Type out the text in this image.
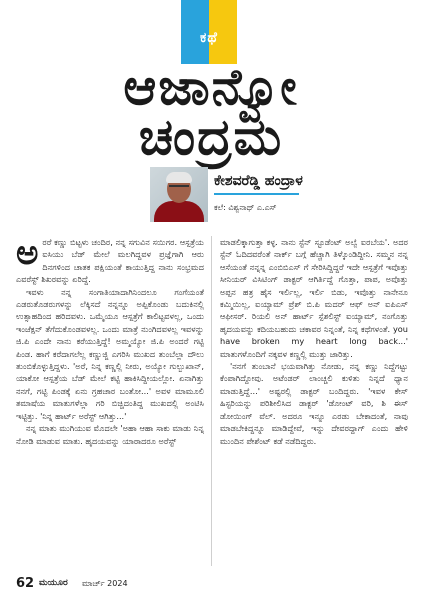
ಕಥೆ
ಆಜಾನ್ವೋ
ಚಂದ್ರಮ
ಕೇಶವರೆಡ್ಡಿ ಹಂದ್ರಾಳ
ಕಲೆ: ವಿಶ್ವನಾಥ್ ಎ.ಎಸ್

ಅರರೆ ಕಣ್ಣು ಬಿಟ್ಟಳು ಚಂದಿರ, ನನ್ನ ಸಗುವಿನ ಸಯಿಗರ. ಆಸ್ಪತ್ರೆಯ ಐಸಿಯು ಬೆಡ್ ಮೇಲೆ ಮಲಗಿದ್ದವಳ ಪ್ರಜ್ಞೆಗಾಗಿ ಆರು ದಿನಗಳಿಂದ ಚಾತಕ ಪಕ್ಷಿಯಂತೆ ಕಾಯುತ್ತಿದ್ದ ನಾನು ಸಂಭ್ರಮದ ಎವರೆಸ್ಟ್ ಶಿಖರವನ್ನು ಏರಿದ್ದೆ.

ಇವಳು ನನ್ನ ಸಂಗಾತಿಯಾದಾಗಿನಿಂದಲೂ ಗಂಗೆಯಂತೆ ಎಡರುತೊಡರುಗಳನ್ನು ಲೆಕ್ಕಿಸದೆ ನನ್ನನ್ನೂ ಅಪ್ಪಿಕೊಂಡು ಬದುಕಿನಲ್ಲಿ ಉತ್ಸಾಹದಿಂದ ಹರಿದವಳು. ಒಮ್ಮೆಯೂ ಆಸ್ಪತ್ರೆಗೆ ಕಾಲಿಟ್ಟವಳಲ್ಲ, ಒಂದು ಇಂಜೆಕ್ಷನ್ ತೆಗೆದುಕೊಂಡವಳಲ್ಲ. ಒಂದು ಮಾತ್ರೆ ನುಂಗಿದವಳಲ್ಲ ಇವಳನ್ನು ಜಿ.ಪಿ ಎಂದೇ ನಾನು ಕರೆಯುತ್ತಿದ್ದೆ! ಅಮ್ಮಯ್ಯೋ ಜಿ.ಪಿ ಅಂದರೆ ಗಟ್ಟಿ ಪಿಂಡ. ಹಾಗೆ ಕರೆದಾಗಲೆಲ್ಲ ಕಣ್ಣುಜ್ಜಿ ಎಗರಿಸಿ ಮುಖದ ತುಂಬೆಲ್ಲಾ ದೌಲು ತುಂಬಿಕೊಳ್ಳುತ್ತಿದ್ದಳು. 'ಅರೆ, ನಿನ್ನ ಕಣ್ಣಲ್ಲಿ ನೀರು, ಅಯ್ಯೋ ಗುಲ್ಬುಖಾನ್, ಯಾಕೋ ಆಸ್ಪತ್ರೆಯ ಬೆಡ್ ಮೇಲೆ ಕಟ್ಟಿ ಹಾಕಿಸಿದ್ದೀಯಲ್ಲೋ. ಏನಾಗಿತ್ತು ನನಗೆ, ಗಟ್ಟಿ ಪಿಂಡಕ್ಕೆ ಏನು ಗ್ರಹಚಾರ ಬಂತೋ...' ಅವಳ ಮಾಮೂಲಿ ತಮಾಷೆಯ ಮಾತುಗಳೆಲ್ಲಾ ಗರಿ ಬಿಚ್ಚಿದಂತಿದ್ದ ಮುಖದಲ್ಲಿ ಅಂಟಿಸಿ ಇಟ್ಟಿತ್ತು. 'ನಿನ್ನ ಹಾರ್ಟ್ ಅರೆಸ್ಟ್ ಆಗಿತ್ತು...'

ನನ್ನ ಮಾತು ಮುಗಿಯುವ ಮೊದಲೇ 'ಅಹಾ ಆಹಾ ಸಾಕು ಮಾಡು ನಿನ್ನ ನೋಡಿ ಮಾಡುವ ಮಾತು. ಹೃದಯವನ್ನು ಯಾರಾದರೂ ಅರೆಸ್ಟ್

ಮಾಡಲಿಕ್ಕಾಗುತ್ತಾ ಕಳ್ಳ. ನಾನು ಸ್ಟೆನ್ ಸ್ಟೂಡೆಂಟ್ ಅಲ್ವೆ ಐರಬೆಯ'. ಅದರ ಸ್ಟೆನ್ ಓದಿದವರೆಂತೆ ನಾರ್ಕ್ ಬಗ್ಗೆ ಹೆಚ್ಚಾಗಿ ತಿಳ್ಕೊಂಡಿದ್ದೀನಿ. ಸಮ್ಮನ ನನ್ನ ಆಸೆಯಂತೆ ನನ್ನನ್ನ ಎಂಬಿಬಿಎಸ್ ಗೆ ಸೇರಿಸಿದ್ದಿದ್ದರೆ ಇದೇ ಆಸ್ಪತ್ರೆಗೆ ಇವೊತ್ತು ಸೀನಿಯರ್ ವಿಸಿಟಿಂಗ್ ಡಾಕ್ಟರ್ ಆಗಿರ್ತಿದ್ದೆ ಗೊತ್ತಾ, ಪಾಪ, ಅವೊತ್ತು ಅಪ್ಪನ ಹತ್ರ ಹೈಸ ಇರ್ಲಿಲ್ಲ, ಇರ್ಲಿ ಬಿಡು, ಇವೊತ್ತು ನಾನೇನೂ ಕಮ್ಮಿಯಿಲ್ಲ, ಐಯ್ಯಾಮ್ ಪ್ರೆಶ್ ಬಿ.ಪಿ ಮದರ್ ಆಫ್ ಅನ್ ಐಪಿಎಸ್ ಆಫೀಸರ್. ರಿಯಲಿ ಅನ್ ಹಾರ್ಟ್ ಸ್ಪೆಶಲಿಸ್ಟ್ ಐಯ್ಯಾಮ್, ನಂಗೊತ್ತು ಹೃದಯವನ್ನು ಕದಿಯಬಹುದು ಚಕಾವರ ನಿನ್ನಂತೆ, ನಿನ್ನ ಕಥೆಗಳಂತೆ. you have broken my heart long back...' ಮಾತುಗಳೊಂದಿಗೆ ನಕ್ಕವಳ ಕಣ್ಣಲ್ಲಿ ಮುತ್ತು ಜಾರಿತ್ತು.

'ನನಗೆ ತುಂಬಾನೆ ಭಯವಾಗಿತ್ತು ನೋಡು, ನನ್ನ ಕಣ್ಣು ನಿದ್ದೆಗಟ್ಟು ಕೆಂಪಾಗಿದ್ದೋವು. ಅಟೆಂಡರ್ ಲಾಂಚ್ಚಲಿ ಕುಳಿತು ನಿನ್ನದೆ ಧ್ಯಾನ ಮಾಡುತ್ತಿದ್ದೆ...' ಅಷ್ಟರಲ್ಲಿ ಡಾಕ್ಟರ್ ಬಂದಿದ್ದರು. 'ಇವಳ ಕೇಸ್ ಹಿಸ್ಟರಿಯನ್ನು ಪರಿಶೀಲಿಸಿದ ಡಾಕ್ಟರ್ 'ಡೋಂಟ್ ವರಿ, ಶಿ ಈಸ್ ಡೋಯಿಂಗ್ ವೆಲ್. ಅದರೂ ಇನ್ನೂ ಎರಡು ಬೇಕಾದಂತೆ, ನಾವು ಮಾಡಬೇಕಿದ್ದನ್ನೂ ಮಾಡಿದ್ದೇವೆ, ಇನ್ನು ದೇವರದ್ದಾಗ್ ಎಂದು ಹೇಳಿ ಮುಂದಿನ ಪೇಶೆಂಟ್ ಕಡೆ ನಡೆದಿದ್ದರು.

62 ಮಯೂರ ಮಾರ್ಚ್ 2024
